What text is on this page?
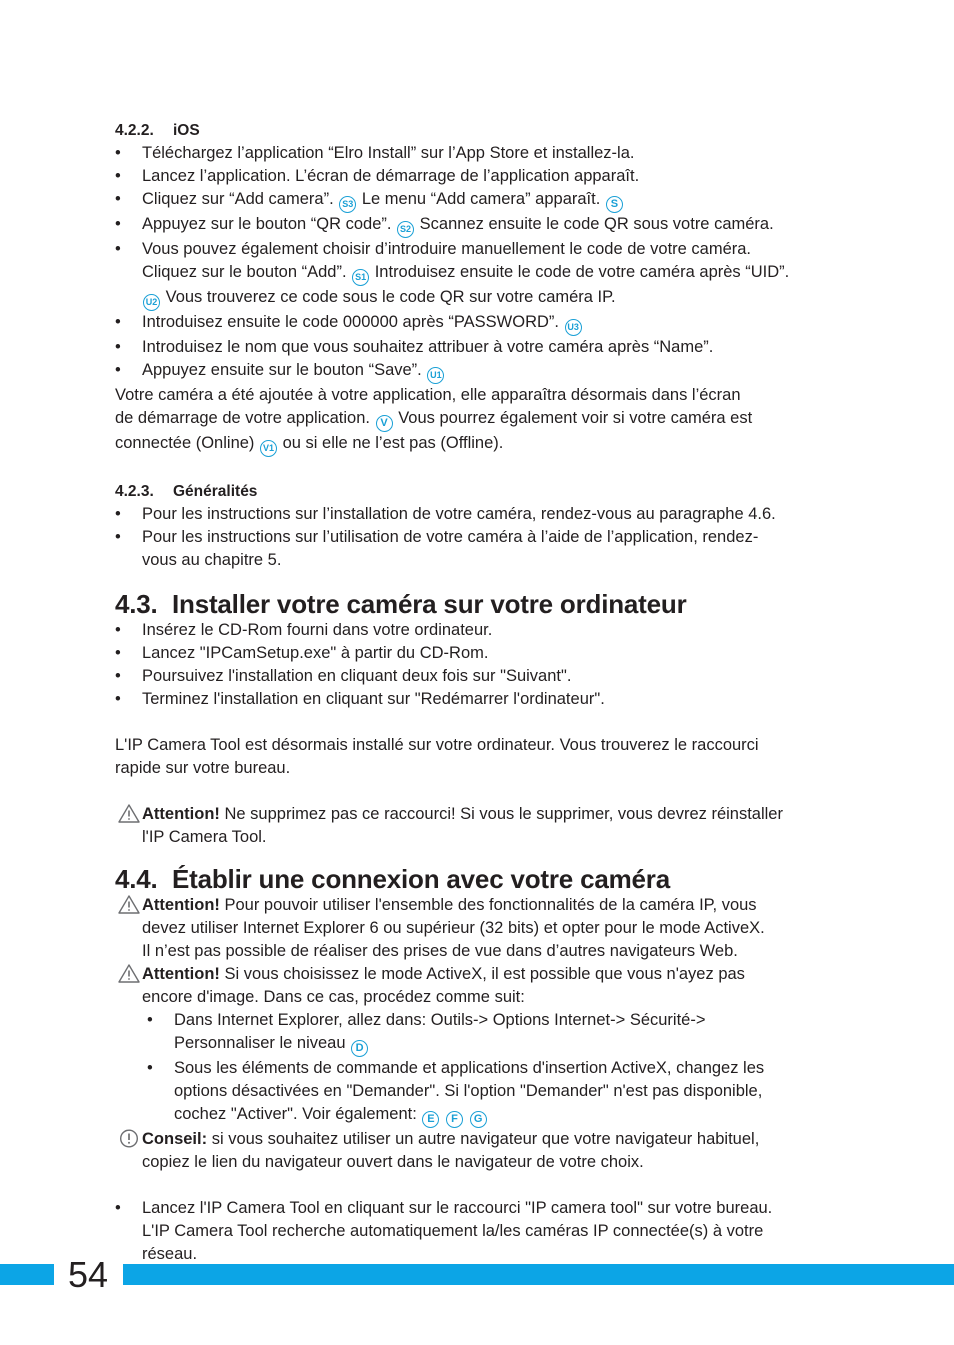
4.2.2. iOS

• Téléchargez l’application “Elro Install” sur l’App Store et installez-la.
• Lancez l’application. L’écran de démarrage de l’application apparaît.
• Cliquez sur “Add camera”. S3 Le menu “Add camera” apparaît. S
• Appuyez sur le bouton “QR code”. S2 Scannez ensuite le code QR sous votre caméra.
• Vous pouvez également choisir d’introduire manuellement le code de votre caméra.
Cliquez sur le bouton “Add”. S1 Introduisez ensuite le code de votre caméra après “UID”.
U2 Vous trouverez ce code sous le code QR sur votre caméra IP.
• Introduisez ensuite le code 000000 après “PASSWORD”. U3
• Introduisez le nom que vous souhaitez attribuer à votre caméra après “Name”.
• Appuyez ensuite sur le bouton “Save”. U1

Votre caméra a été ajoutée à votre application, elle apparaîtra désormais dans l’écran
de démarrage de votre application. V Vous pourrez également voir si votre caméra est
connectée (Online) V1 ou si elle ne l’est pas (Offline).

4.2.3. Généralités

• Pour les instructions sur l’installation de votre caméra, rendez-vous au paragraphe 4.6.
• Pour les instructions sur l’utilisation de votre caméra à l’aide de l’application, rendez-
vous au chapitre 5.
4.3. Installer votre caméra sur votre ordinateur
• Insérez le CD-Rom fourni dans votre ordinateur.
• Lancez "IPCamSetup.exe" à partir du CD-Rom.
• Poursuivez l'installation en cliquant deux fois sur "Suivant".
• Terminez l'installation en cliquant sur "Redémarrer l'ordinateur".

L'IP Camera Tool est désormais installé sur votre ordinateur. Vous trouverez le raccourci
rapide sur votre bureau.

Attention! Ne supprimez pas ce raccourci! Si vous le supprimer, vous devrez réinstaller
l'IP Camera Tool.
4.4. Établir une connexion avec votre caméra
Attention! Pour pouvoir utiliser l'ensemble des fonctionnalités de la caméra IP, vous
devez utiliser Internet Explorer 6 ou supérieur (32 bits) et opter pour le mode ActiveX.
Il n’est pas possible de réaliser des prises de vue dans d’autres navigateurs Web.
Attention! Si vous choisissez le mode ActiveX, il est possible que vous n'ayez pas
encore d'image. Dans ce cas, procédez comme suit:
• Dans Internet Explorer, allez dans: Outils-> Options Internet-> Sécurité->
Personnaliser le niveau D
• Sous les éléments de commande et applications d'insertion ActiveX, changez les
options désactivées en "Demander". Si l'option "Demander" n'est pas disponible,
cochez "Activer". Voir également: E F G
Conseil: si vous souhaitez utiliser un autre navigateur que votre navigateur habituel,
copiez le lien du navigateur ouvert dans le navigateur de votre choix.
• Lancez l'IP Camera Tool en cliquant sur le raccourci "IP camera tool" sur votre bureau.
L'IP Camera Tool recherche automatiquement la/les caméras IP connectée(s) à votre
réseau.
54
